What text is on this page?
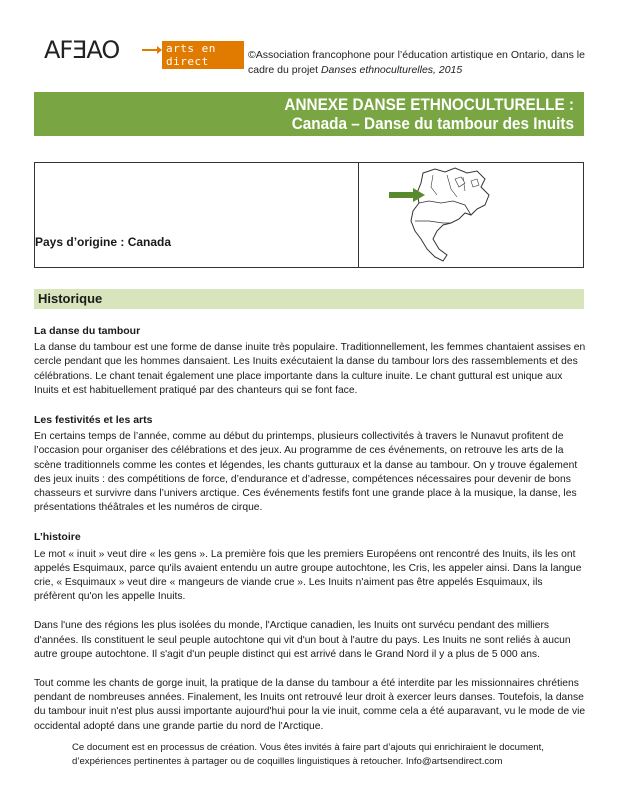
AFƎAO	arts en direct	©Association francophone pour l’éducation artistique en Ontario, dans le cadre du projet Danses ethnoculturelles, 2015
ANNEXE DANSE ETHNOCULTURELLE :
Canada – Danse du tambour des Inuits
Pays d’origine : Canada
Historique
La danse du tambour
La danse du tambour est une forme de danse inuite très populaire. Traditionnellement, les femmes chantaient assises en cercle pendant que les hommes dansaient. Les Inuits exécutaient la danse du tambour lors des rassemblements et des célébrations. Le chant tenait également une place importante dans la culture inuite. Le chant guttural est unique aux Inuits et est habituellement pratiqué par des chanteurs qui se font face.
Les festivités et les arts
En certains temps de l’année, comme au début du printemps, plusieurs collectivités à travers le Nunavut profitent de l’occasion pour organiser des célébrations et des jeux. Au programme de ces événements, on retrouve les arts de la scène traditionnels comme les contes et légendes, les chants gutturaux et la danse au tambour. On y trouve également des jeux inuits : des compétitions de force, d’endurance et d’adresse, compétences nécessaires pour devenir de bons chasseurs et survivre dans l’univers arctique. Ces événements festifs font une grande place à la musique, la danse, les présentations théâtrales et les numéros de cirque.
L’histoire
Le mot « inuit » veut dire « les gens ». La première fois que les premiers Européens ont rencontré des Inuits, ils les ont appelés Esquimaux, parce qu'ils avaient entendu un autre groupe autochtone, les Cris, les appeler ainsi. Dans la langue crie, « Esquimaux » veut dire « mangeurs de viande crue ». Les Inuits n'aiment pas être appelés Esquimaux, ils préfèrent qu'on les appelle Inuits.
Dans l'une des régions les plus isolées du monde, l'Arctique canadien, les Inuits ont survécu pendant des milliers d'années. Ils constituent le seul peuple autochtone qui vit d'un bout à l'autre du pays. Les Inuits ne sont reliés à aucun autre groupe autochtone. Il s'agit d'un peuple distinct qui est arrivé dans le Grand Nord il y a plus de 5 000 ans.
Tout comme les chants de gorge inuit, la pratique de la danse du tambour a été interdite par les missionnaires chrétiens pendant de nombreuses années. Finalement, les Inuits ont retrouvé leur droit à exercer leurs danses. Toutefois, la danse du tambour inuit n'est plus aussi importante aujourd'hui pour la vie inuit, comme cela a été auparavant, vu le mode de vie occidental adopté dans une grande partie du nord de l'Arctique.
Ce document est en processus de création. Vous êtes invités à faire part d’ajouts qui enrichiraient le document, d’expériences pertinentes à partager ou de coquilles linguistiques à retoucher. Info@artsendirect.com
